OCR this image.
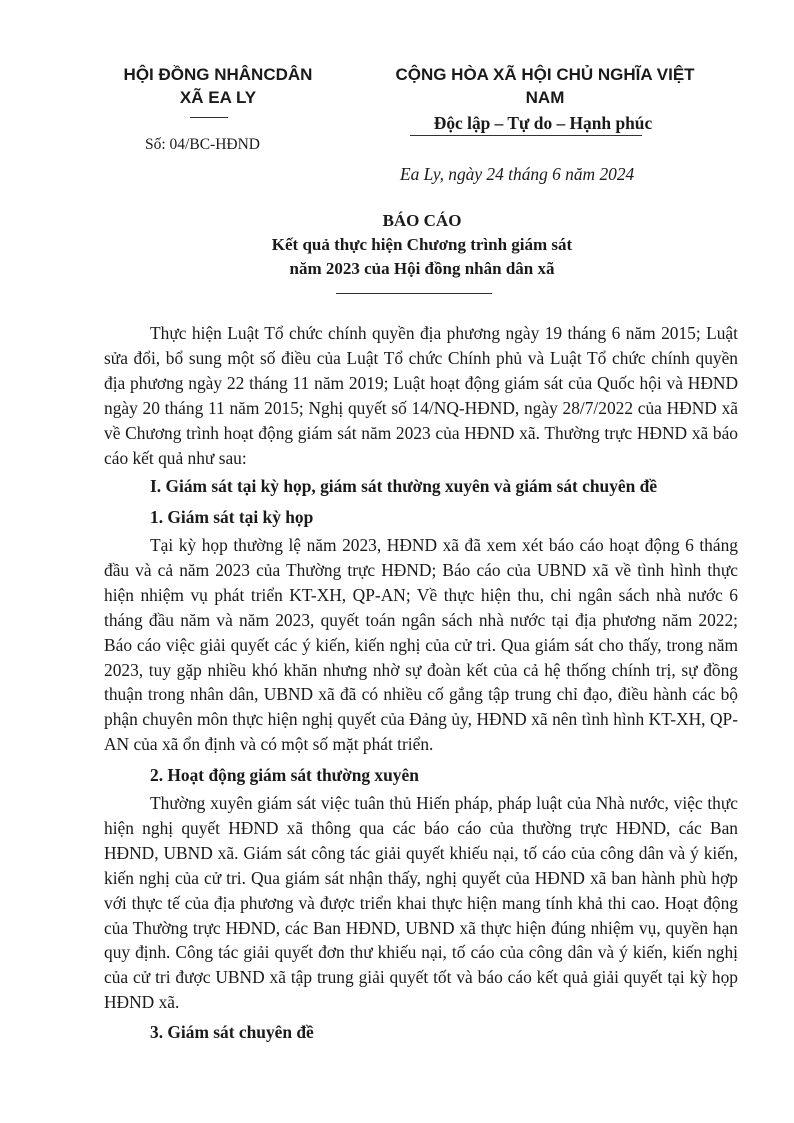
HỘI ĐỒNG NHÂNCDÂN
XÃ EA LY
Số: 04/BC-HĐND
CỘNG HÒA XÃ HỘI CHỦ NGHĨA VIỆT
NAM
Độc lập – Tự do – Hạnh phúc
Ea Ly, ngày 24 tháng 6 năm 2024
BÁO CÁO
Kết quả thực hiện Chương trình giám sát
năm 2023 của Hội đồng nhân dân xã

Thực hiện Luật Tổ chức chính quyền địa phương ngày 19 tháng 6 năm 2015; Luật sửa đổi, bổ sung một số điều của Luật Tổ chức Chính phủ và Luật Tổ chức chính quyền địa phương ngày 22 tháng 11 năm 2019; Luật hoạt động giám sát của Quốc hội và HĐND ngày 20 tháng 11 năm 2015; Nghị quyết số 14/NQ-HĐND, ngày 28/7/2022 của HĐND xã về Chương trình hoạt động giám sát năm 2023 của HĐND xã. Thường trực HĐND xã báo cáo kết quả như sau:

I. Giám sát tại kỳ họp, giám sát thường xuyên và giám sát chuyên đề
1. Giám sát tại kỳ họp

Tại kỳ họp thường lệ năm 2023, HĐND xã đã xem xét báo cáo hoạt động 6 tháng đầu và cả năm 2023 của Thường trực HĐND; Báo cáo của UBND xã về tình hình thực hiện nhiệm vụ phát triển KT-XH, QP-AN; Về thực hiện thu, chi ngân sách nhà nước 6 tháng đầu năm và năm 2023, quyết toán ngân sách nhà nước tại địa phương năm 2022; Báo cáo việc giải quyết các ý kiến, kiến nghị của cử tri. Qua giám sát cho thấy, trong năm 2023, tuy gặp nhiều khó khăn nhưng nhờ sự đoàn kết của cả hệ thống chính trị, sự đồng thuận trong nhân dân, UBND xã đã có nhiều cố gắng tập trung chỉ đạo, điều hành các bộ phận chuyên môn thực hiện nghị quyết của Đảng ủy, HĐND xã nên tình hình KT-XH, QP-AN của xã ổn định và có một số mặt phát triển.

2. Hoạt động giám sát thường xuyên

Thường xuyên giám sát việc tuân thủ Hiến pháp, pháp luật của Nhà nước, việc thực hiện nghị quyết HĐND xã thông qua các báo cáo của thường trực HĐND, các Ban HĐND, UBND xã. Giám sát công tác giải quyết khiếu nại, tố cáo của công dân và ý kiến, kiến nghị của cử tri. Qua giám sát nhận thấy, nghị quyết của HĐND xã ban hành phù hợp với thực tế của địa phương và được triển khai thực hiện mang tính khả thi cao. Hoạt động của Thường trực HĐND, các Ban HĐND, UBND xã thực hiện đúng nhiệm vụ, quyền hạn quy định. Công tác giải quyết đơn thư khiếu nại, tố cáo của công dân và ý kiến, kiến nghị của cử tri được UBND xã tập trung giải quyết tốt và báo cáo kết quả giải quyết tại kỳ họp HĐND xã.

3. Giám sát chuyên đề
